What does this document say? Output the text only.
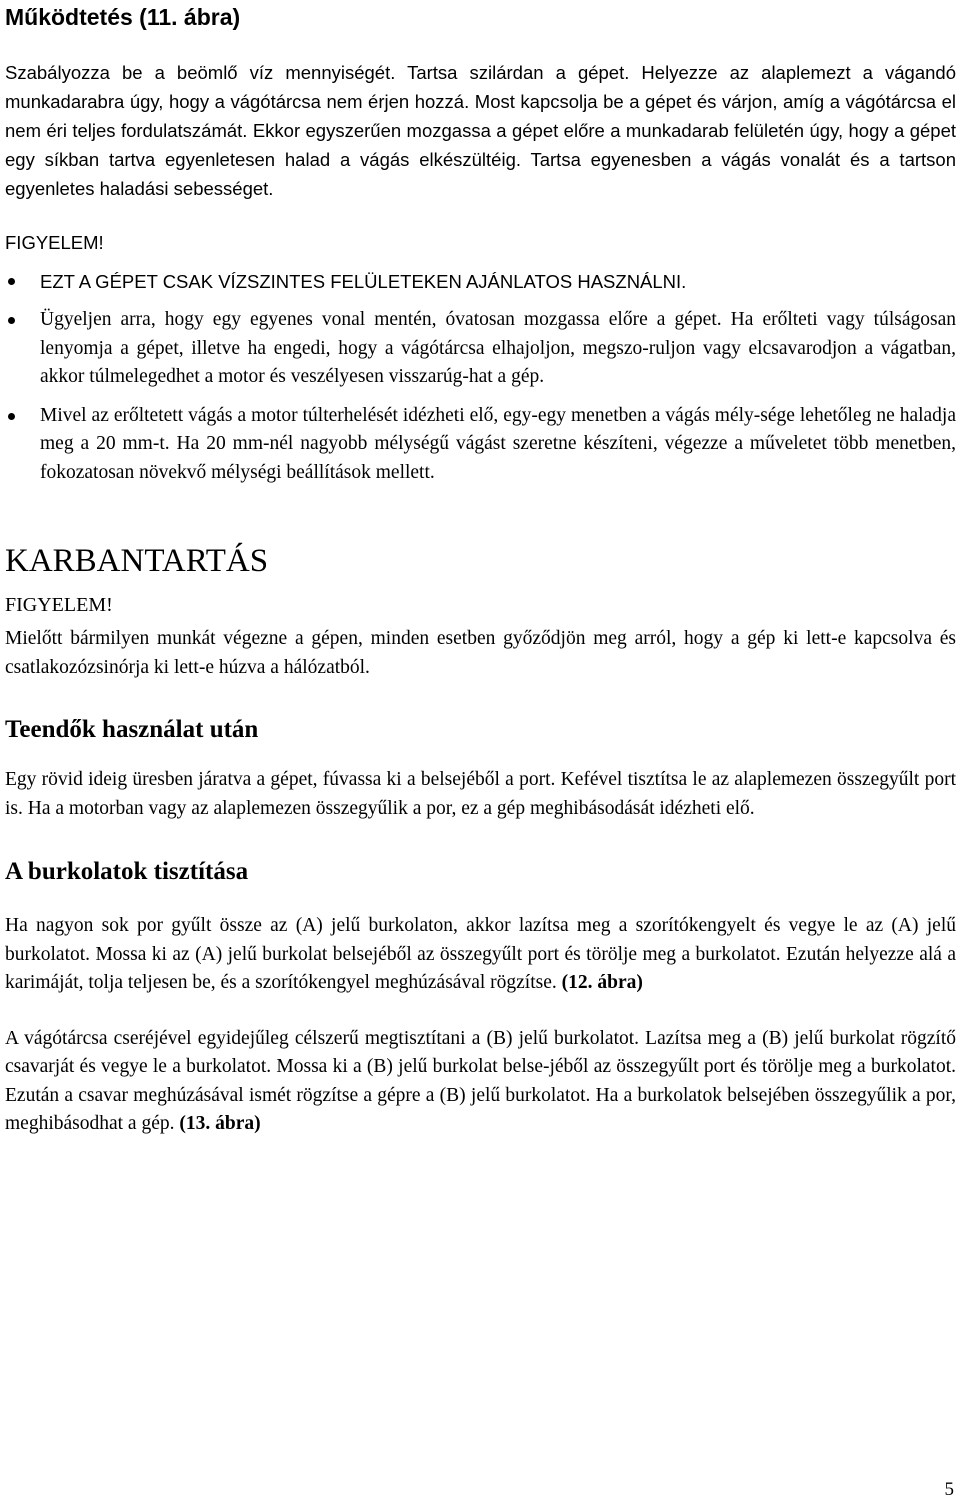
Működtetés (11. ábra)

Szabályozza be a beömlő víz mennyiségét. Tartsa szilárdan a gépet. Helyezze az alaplemezt a vágandó munkadarabra úgy, hogy a vágótárcsa nem érjen hozzá. Most kapcsolja be a gépet és várjon, amíg a vágótárcsa el nem éri teljes fordulatszámát. Ekkor egyszerűen mozgassa a gépet előre a munkadarab felületén úgy, hogy a gépet egy síkban tartva egyenletesen halad a vágás elkészültéig. Tartsa egyenesben a vágás vonalát és a tartson egyenletes haladási sebességet.

FIGYELEM!

EZT A GÉPET CSAK VÍZSZINTES FELÜLETEKEN AJÁNLATOS HASZNÁLNI.
Ügyeljen arra, hogy egy egyenes vonal mentén, óvatosan mozgassa előre a gépet. Ha erőlteti vagy túlságosan lenyomja a gépet, illetve ha engedi, hogy a vágótárcsa elhajoljon, megszo-ruljon vagy elcsavarodjon a vágatban, akkor túlmelegedhet a motor és veszélyesen visszarúg-hat a gép.
Mivel az erőltetett vágás a motor túlterhelését idézheti elő, egy-egy menetben a vágás mély-sége lehetőleg ne haladja meg a 20 mm-t. Ha 20 mm-nél nagyobb mélységű vágást szeretne készíteni, végezze a műveletet több menetben, fokozatosan növekvő mélységi beállítások mellett.
KARBANTARTÁS

FIGYELEM!

Mielőtt bármilyen munkát végezne a gépen, minden esetben győződjön meg arról, hogy a gép ki lett-e kapcsolva és csatlakozózsinórja ki lett-e húzva a hálózatból.

Teendők használat után

Egy rövid ideig üresben járatva a gépet, fúvassa ki a belsejéből a port. Kefével tisztítsa le az alaplemezen összegyűlt port is. Ha a motorban vagy az alaplemezen összegyűlik a por, ez a gép meghibásodását idézheti elő.

A burkolatok tisztítása

Ha nagyon sok por gyűlt össze az (A) jelű burkolaton, akkor lazítsa meg a szorítókengyelt és vegye le az (A) jelű burkolatot. Mossa ki az (A) jelű burkolat belsejéből az összegyűlt port és törölje meg a burkolatot. Ezután helyezze alá a karimáját, tolja teljesen be, és a szorítókengyel meghúzásával rögzítse. (12. ábra)

A vágótárcsa cseréjével egyidejűleg célszerű megtisztítani a (B) jelű burkolatot. Lazítsa meg a (B) jelű burkolat rögzítő csavarját és vegye le a burkolatot. Mossa ki a (B) jelű burkolat belse-jéből az összegyűlt port és törölje meg a burkolatot. Ezután a csavar meghúzásával ismét rögzítse a gépre a (B) jelű burkolatot. Ha a burkolatok belsejében összegyűlik a por, meghibásodhat a gép. (13. ábra)

5
